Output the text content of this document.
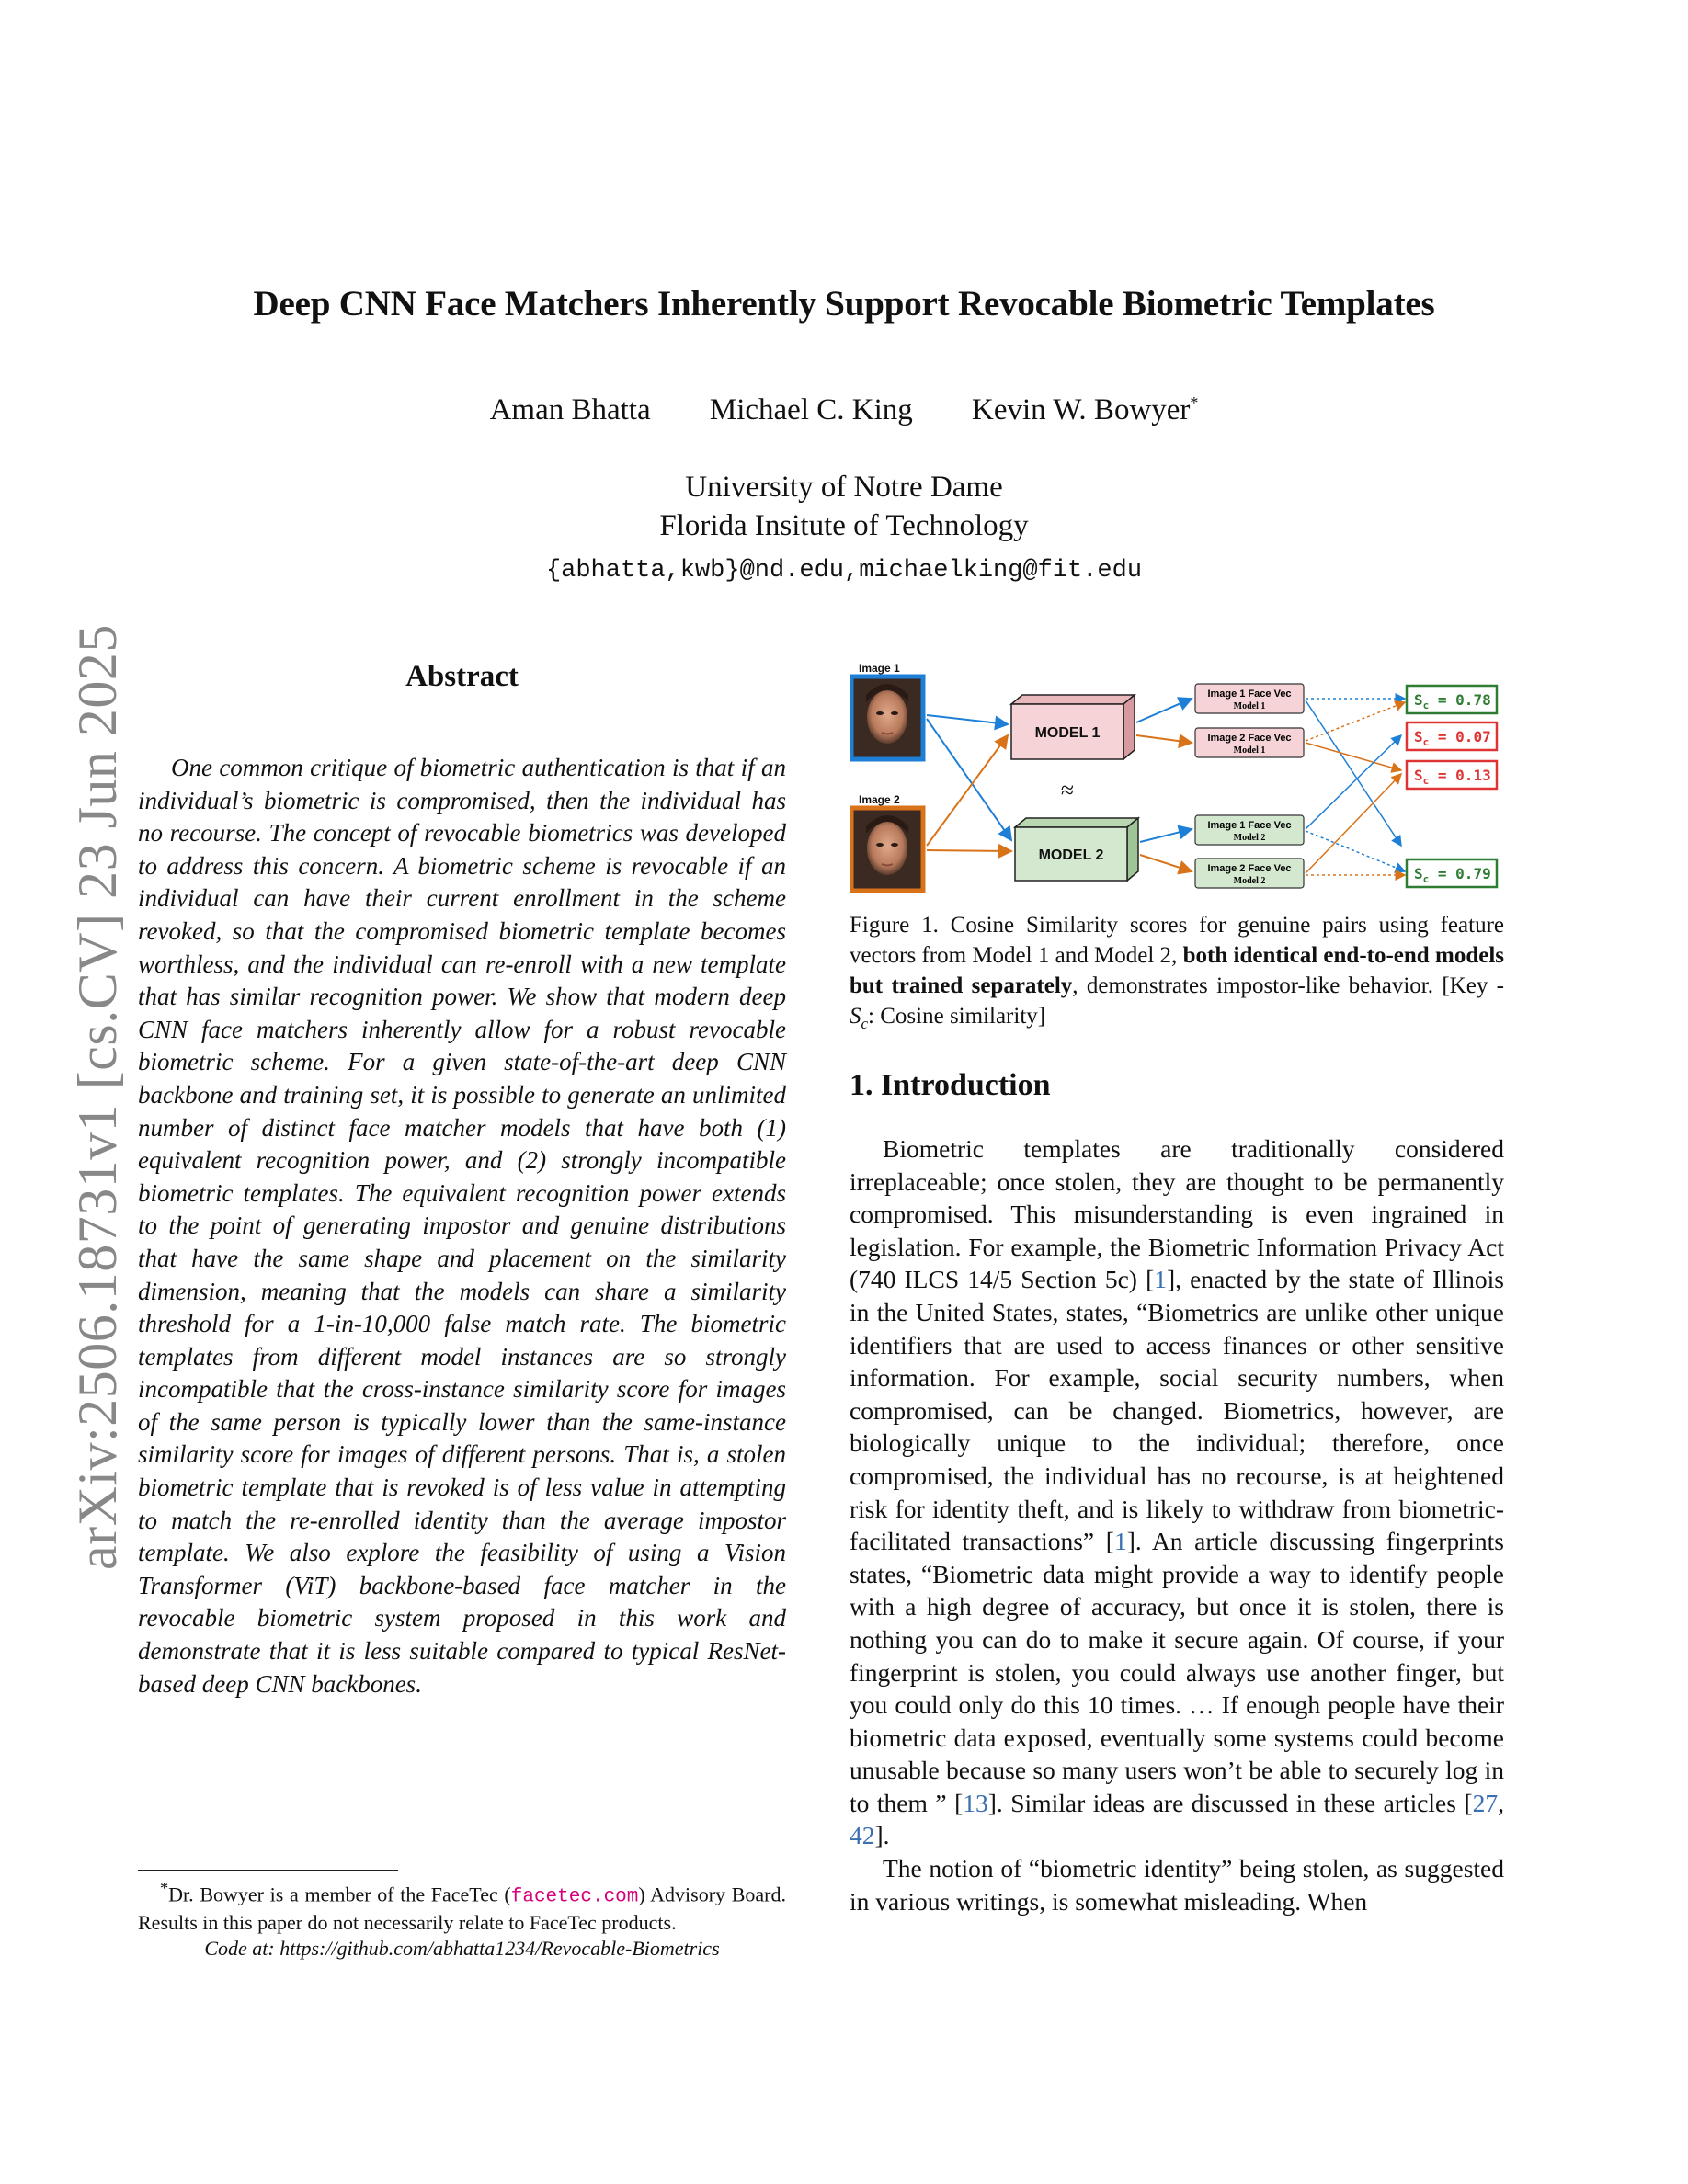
arXiv:2506.18731v1 [cs.CV] 23 Jun 2025
Deep CNN Face Matchers Inherently Support Revocable Biometric Templates
Aman Bhatta Michael C. King Kevin W. Bowyer*
University of Notre Dame
Florida Insitute of Technology
{abhatta,kwb}@nd.edu,michaelking@fit.edu
Abstract

One common critique of biometric authentication is that if an individual’s biometric is compromised, then the individual has no recourse. The concept of revocable biometrics was developed to address this concern. A biometric scheme is revocable if an individual can have their current enrollment in the scheme revoked, so that the compromised biometric template becomes worthless, and the individual can re-enroll with a new template that has similar recognition power. We show that modern deep CNN face matchers inherently allow for a robust revocable biometric scheme. For a given state-of-the-art deep CNN backbone and training set, it is possible to generate an unlimited number of distinct face matcher models that have both (1) equivalent recognition power, and (2) strongly incompatible biometric templates. The equivalent recognition power extends to the point of generating impostor and genuine distributions that have the same shape and placement on the similarity dimension, meaning that the models can share a similarity threshold for a 1-in-10,000 false match rate. The biometric templates from different model instances are so strongly incompatible that the cross-instance similarity score for images of the same person is typically lower than the same-instance similarity score for images of different persons. That is, a stolen biometric template that is revoked is of less value in attempting to match the re-enrolled identity than the average impostor template. We also explore the feasibility of using a Vision Transformer (ViT) backbone-based face matcher in the revocable biometric system proposed in this work and demonstrate that it is less suitable compared to typical ResNet-based deep CNN backbones.

*Dr. Bowyer is a member of the FaceTec (facetec.com) Advisory Board. Results in this paper do not necessarily relate to FaceTec products.
Code at: https://github.com/abhatta1234/Revocable-Biometrics
Image 1
Image 2
MODEL 1
≈
MODEL 2
Image 1 Face Vec
Model 1
Image 2 Face Vec
Model 1
Image 1 Face Vec
Model 2
Image 2 Face Vec
Model 2
$S_c = 0.78$
$S_c = 0.07$
$S_c = 0.13$
$S_c = 0.79$
Figure 1. Cosine Similarity scores for genuine pairs using feature vectors from Model 1 and Model 2, both identical end-to-end models but trained separately, demonstrates impostor-like behavior. [$Key - S_c$: Cosine similarity]
1. Introduction

Biometric templates are traditionally considered irreplaceable; once stolen, they are thought to be permanently compromised. This misunderstanding is even ingrained in legislation. For example, the Biometric Information Privacy Act (740 ILCS 14/5 Section 5c) [1], enacted by the state of Illinois in the United States, states, “Biometrics are unlike other unique identifiers that are used to access finances or other sensitive information. For example, social security numbers, when compromised, can be changed. Biometrics, however, are biologically unique to the individual; therefore, once compromised, the individual has no recourse, is at heightened risk for identity theft, and is likely to withdraw from biometric-facilitated transactions” [1]. An article discussing fingerprints states, “Biometric data might provide a way to identify people with a high degree of accuracy, but once it is stolen, there is nothing you can do to make it secure again. Of course, if your fingerprint is stolen, you could always use another finger, but you could only do this 10 times. … If enough people have their biometric data exposed, eventually some systems could become unusable because so many users won’t be able to securely log in to them ” [13]. Similar ideas are discussed in these articles [27, 42].

The notion of “biometric identity” being stolen, as suggested in various writings, is somewhat misleading. When
